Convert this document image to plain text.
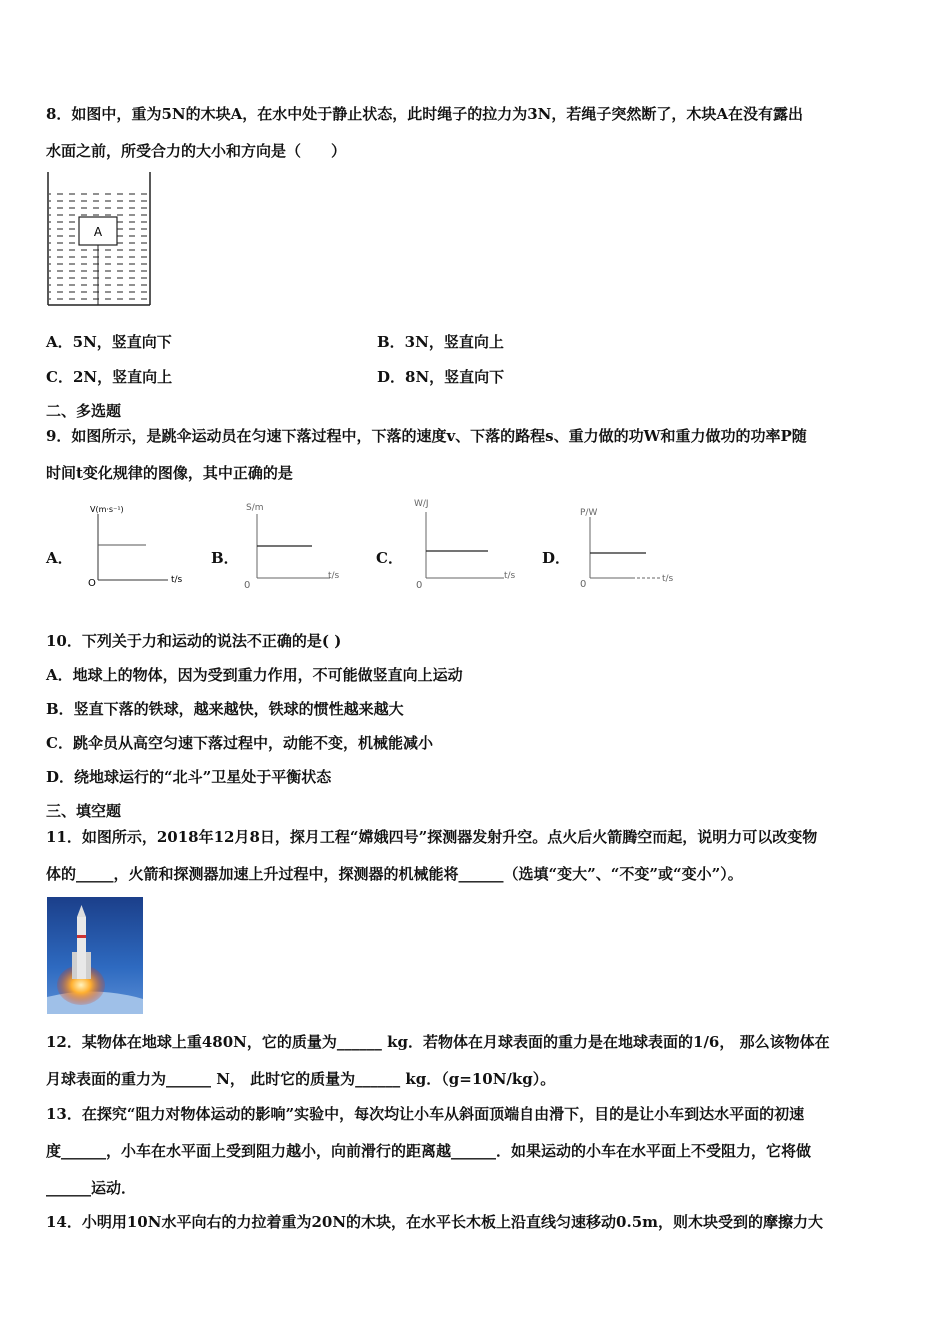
8．如图中，重为5N的木块A，在水中处于静止状态，此时绳子的拉力为3N，若绳子突然断了，木块A在没有露出
水面之前，所受合力的大小和方向是（　　）
A
A．5N，竖直向下	B．3N，竖直向上
C．2N，竖直向上	D．8N，竖直向下
二、多选题
9．如图所示，是跳伞运动员在匀速下落过程中，下落的速度v、下落的路程s、重力做的功W和重力做功的功率P随
时间t变化规律的图像，其中正确的是
A．
V(m·s⁻¹)
t/s
O
B．
S/m
t/s
0
C．
W/J
t/s
0
D．
P/W
t/s
0
10．下列关于力和运动的说法不正确的是( )
A．地球上的物体，因为受到重力作用，不可能做竖直向上运动
B．竖直下落的铁球，越来越快，铁球的惯性越来越大
C．跳伞员从高空匀速下落过程中，动能不变，机械能减小
D．绕地球运行的“北斗”卫星处于平衡状态
三、填空题
11．如图所示，2018年12月8日，探月工程“嫦娥四号”探测器发射升空。点火后火箭腾空而起，说明力可以改变物
体的_____，火箭和探测器加速上升过程中，探测器的机械能将______（选填“变大”、“不变”或“变小”）。
12．某物体在地球上重480N，它的质量为______ kg．若物体在月球表面的重力是在地球表面的1/6， 那么该物体在
月球表面的重力为______ N， 此时它的质量为______ kg．（g=10N/kg）。
13．在探究“阻力对物体运动的影响”实验中，每次均让小车从斜面顶端自由滑下，目的是让小车到达水平面的初速
度______，小车在水平面上受到阻力越小，向前滑行的距离越______．如果运动的小车在水平面上不受阻力，它将做
______运动．
14．小明用10N水平向右的力拉着重为20N的木块，在水平长木板上沿直线匀速移动0.5m，则木块受到的摩擦力大
